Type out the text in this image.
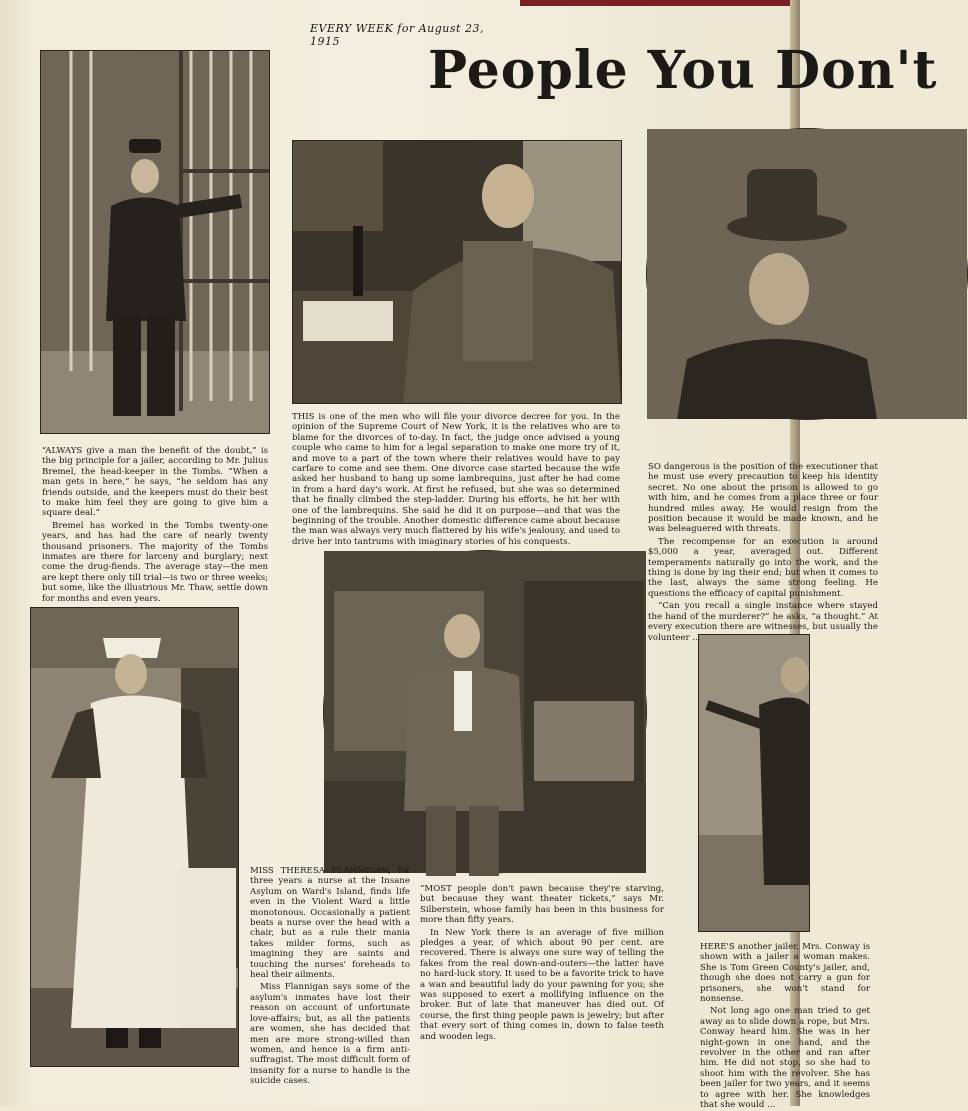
EVERY WEEK for August 23, 1915	People You Don't

“ALWAYS give a man the benefit of the doubt,” is the big principle for a jailer, according to Mr. Julius Bremel, the head-keeper in the Tombs. “When a man gets in here,” he says, “he seldom has any friends outside, and the keepers must do their best to make him feel they are going to give him a square deal.”

Bremel has worked in the Tombs twenty-one years, and has had the care of nearly twenty thousand prisoners. The majority of the Tombs inmates are there for larceny and burglary; next come the drug-fiends. The average stay—the men are kept there only till trial—is two or three weeks; but some, like the illustrious Mr. Thaw, settle down for months and even years.

THIS is one of the men who will file your divorce decree for you. In the opinion of the Supreme Court of New York, it is the relatives who are to blame for the divorces of to-day. In fact, the judge once advised a young couple who came to him for a legal separation to make one more try of it, and move to a part of the town where their relatives would have to pay carfare to come and see them. One divorce case started because the wife asked her husband to hang up some lambrequins, just after he had come in from a hard day's work. At first he refused, but she was so determined that he finally climbed the step-ladder. During his efforts, he hit her with one of the lambrequins. She said he did it on purpose—and that was the beginning of the trouble. Another domestic difference came about because the man was always very much flattered by his wife's jealousy, and used to drive her into tantrums with imaginary stories of his conquests.

SO dangerous is the position of the executioner that he must use every precaution to keep his identity secret. No one about the prison is allowed to go with him, and he comes from a place three or four hundred miles away. He would resign from the position because it would be made known, and he was beleaguered with threats.

The recompense for an execution is around $5,000 a year, averaged out. Different temperaments naturally go into the work, and the thing is done by ing their end; but when it comes to the last, always the same strong feeling. He questions the efficacy of capital punishment.

“Can you recall a single instance where stayed the hand of the murderer?” he asks, “a thought.” At every execution there are witnesses, but usually the volunteer ...

MISS THERESA FLANNIGAN, for three years a nurse at the Insane Asylum on Ward's Island, finds life even in the Violent Ward a little monotonous. Occasionally a patient beats a nurse over the head with a chair, but as a rule their mania takes milder forms, such as imagining they are saints and touching the nurses' foreheads to heal their ailments.

Miss Flannigan says some of the asylum's inmates have lost their reason on account of unfortunate love-affairs; but, as all the patients are women, she has decided that men are more strong-willed than women, and hence is a firm anti-suffragist. The most difficult form of insanity for a nurse to handle is the suicide cases.

“MOST people don't pawn because they're starving, but because they want theater tickets,” says Mr. Silberstein, whose family has been in this business for more than fifty years.

In New York there is an average of five million pledges a year, of which about 90 per cent. are recovered. There is always one sure way of telling the fakes from the real down-and-outers—the latter have no hard-luck story. It used to be a favorite trick to have a wan and beautiful lady do your pawning for you; she was supposed to exert a mollifying influence on the broker. But of late that maneuver has died out. Of course, the first thing people pawn is jewelry; but after that every sort of thing comes in, down to false teeth and wooden legs.

HERE'S another jailer. Mrs. Conway is shown with a jailer a woman makes. She is Tom Green County's jailer, and, though she does not carry a gun for prisoners, she won't stand for nonsense.

Not long ago one man tried to get away as to slide down a rope, but Mrs. Conway heard him. She was in her night-gown in one hand, and the revolver in the other and ran after him. He did not stop, so she had to shoot him with the revolver. She has been jailer for two years, and it seems to agree with her. She knowledges that she would ...
